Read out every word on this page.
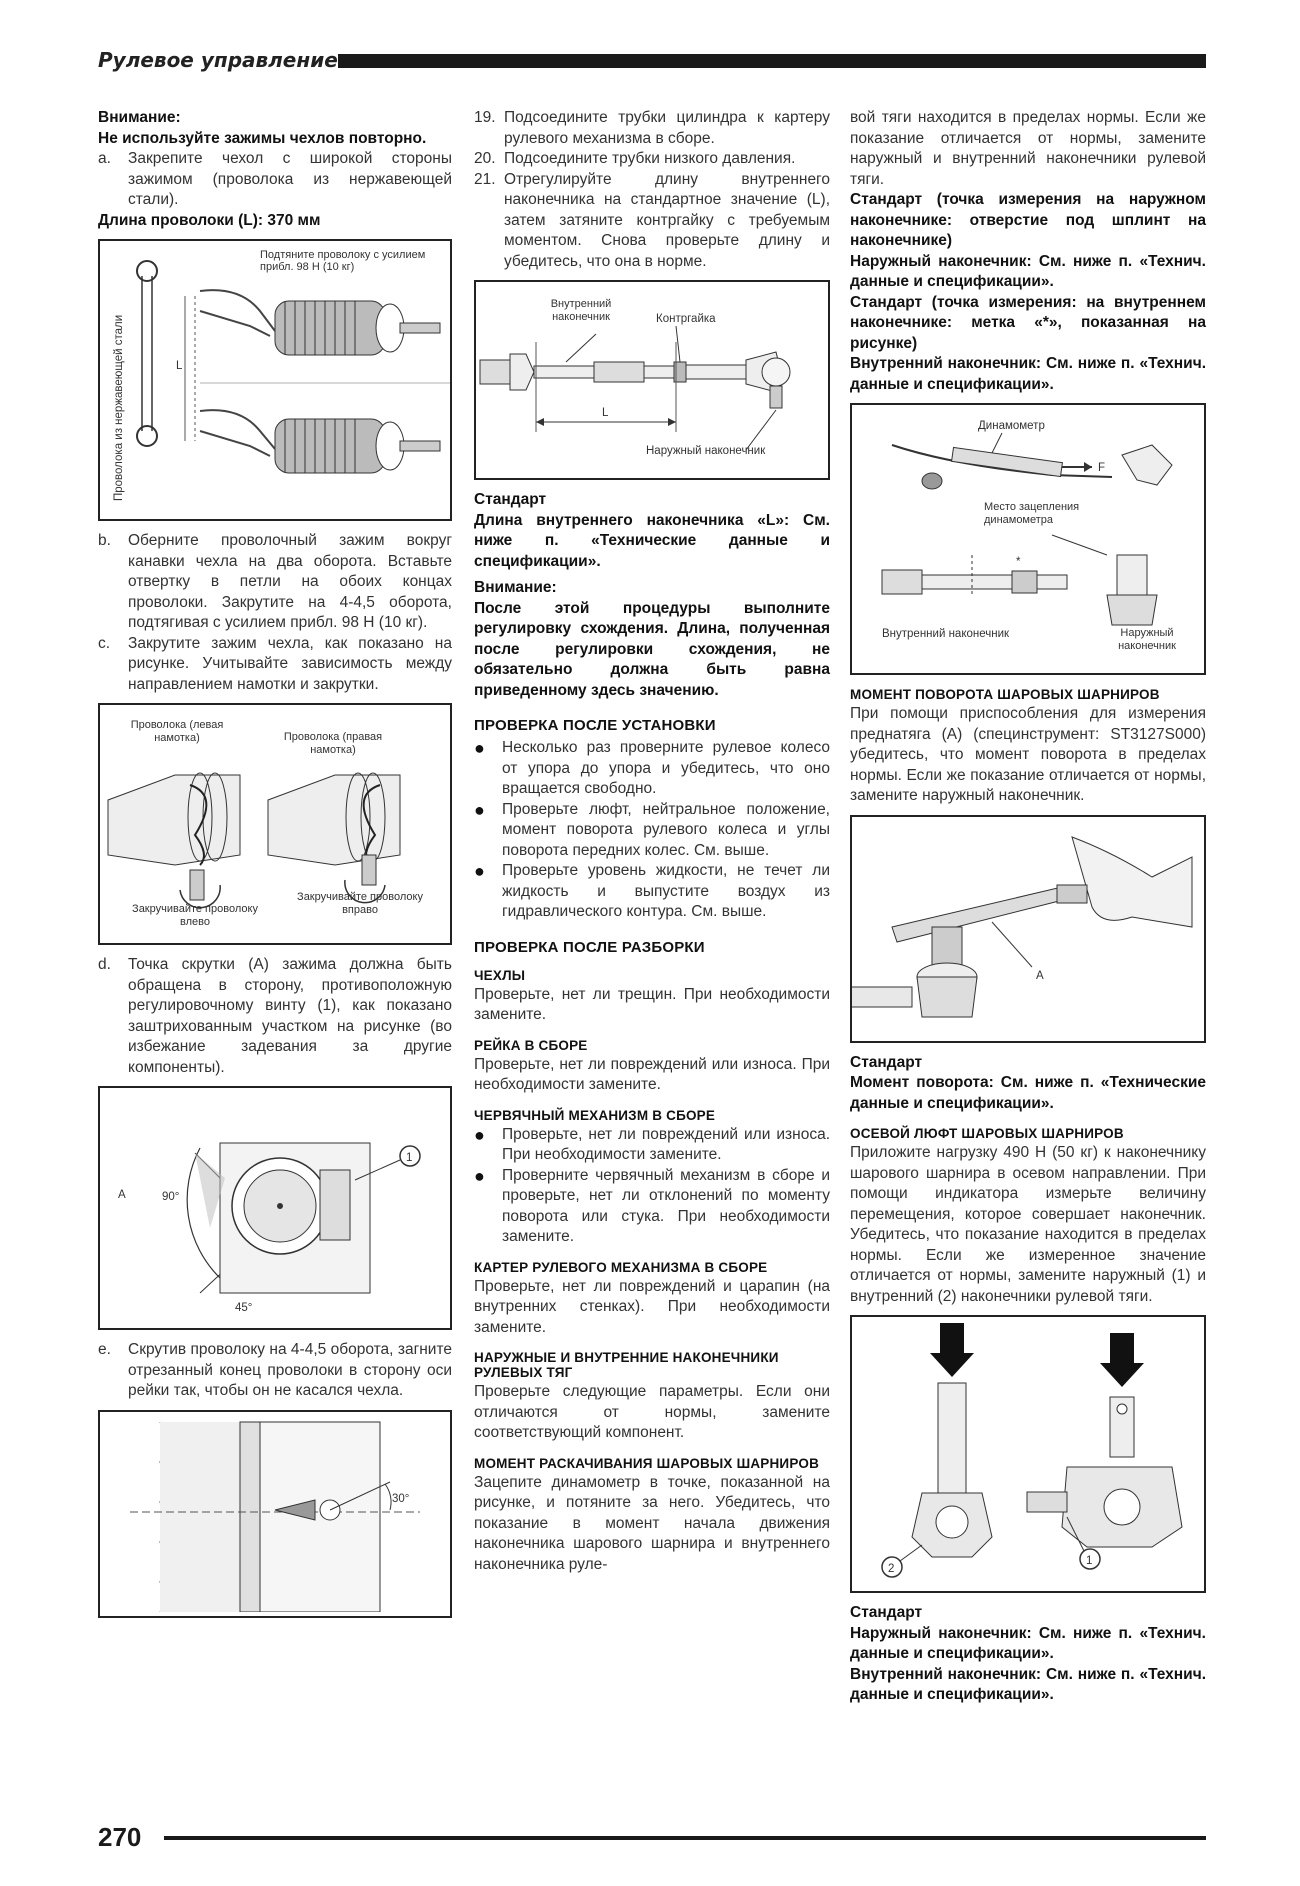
Рулевое управление

Внимание:

Не используйте зажимы чехлов повторно.

a.	Закрепите чехол с широкой стороны зажимом (проволока из нержавеющей стали).

Длина проволоки (L): 370 мм

Проволока из нержавеющей стали	L
Подтяните проволоку с усилием прибл. 98 Н (10 кг)
b.	Оберните проволочный зажим вокруг канавки чехла на два оборота. Вставьте отвертку в петли на обоих концах проволоки. Закрутите на 4-4,5 оборота, подтягивая с усилием прибл. 98 Н (10 кг).
c.	Закрутите зажим чехла, как показано на рисунке. Учитывайте зависимость между направлением намотки и закрутки.
Проволока (левая намотка)	Проволока (правая намотка)
Закручивайте проволоку влево
Закручивайте проволоку вправо
d.	Точка скрутки (A) зажима должна быть обращена в сторону, противоположную регулировочному винту (1), как показано заштрихованным участком на рисунке (во избежание задевания за другие компоненты).
1
A	90°
45°
e.	Скрутив проволоку на 4-4,5 оборота, загните отрезанный конец проволоки в сторону оси рейки так, чтобы он не касался чехла.
30°
19. Подсоедините трубки цилиндра к картеру рулевого механизма в сборе.
20. Подсоедините трубки низкого давления.
21. Отрегулируйте длину внутреннего наконечника на стандартное значение (L), затем затяните контргайку с требуемым моментом. Снова проверьте длину и убедитесь, что она в норме.
Внутренний наконечник	Контргайка
L
Наружный наконечник

Стандарт

Длина внутреннего наконечника «L»: См. ниже п. «Технические данные и спецификации».

Внимание:

После этой процедуры выполните регулировку схождения. Длина, полученная после регулировки схождения, не обязательно должна быть равна приведенному здесь значению.

ПРОВЕРКА ПОСЛЕ УСТАНОВКИ
●	Несколько раз проверните рулевое колесо от упора до упора и убедитесь, что оно вращается свободно.
●	Проверьте люфт, нейтральное положение, момент поворота рулевого колеса и углы поворота передних колес. См. выше.
●	Проверьте уровень жидкости, не течет ли жидкость и выпустите воздух из гидравлического контура. См. выше.
ПРОВЕРКА ПОСЛЕ РАЗБОРКИ
ЧЕХЛЫ

Проверьте, нет ли трещин. При необходимости замените.

РЕЙКА В СБОРЕ

Проверьте, нет ли повреждений или износа. При необходимости замените.

ЧЕРВЯЧНЫЙ МЕХАНИЗМ В СБОРЕ
●	Проверьте, нет ли повреждений или износа. При необходимости замените.
●	Проверните червячный механизм в сборе и проверьте, нет ли отклонений по моменту поворота или стука. При необходимости замените.
КАРТЕР РУЛЕВОГО МЕХАНИЗМА В СБОРЕ

Проверьте, нет ли повреждений и царапин (на внутренних стенках). При необходимости замените.

НАРУЖНЫЕ И ВНУТРЕННИЕ НАКОНЕЧНИКИ РУЛЕВЫХ ТЯГ

Проверьте следующие параметры. Если они отличаются от нормы, замените соответствующий компонент.

МОМЕНТ РАСКАЧИВАНИЯ ШАРОВЫХ ШАРНИРОВ

Зацепите динамометр в точке, показанной на рисунке, и потяните за него. Убедитесь, что показание в момент начала движения наконечника шарового шарнира и внутреннего наконечника руле-

вой тяги находится в пределах нормы. Если же показание отличается от нормы, замените наружный и внутренний наконечники рулевой тяги.

Стандарт (точка измерения на наружном наконечнике: отверстие под шплинт на наконечнике)

Наружный наконечник: См. ниже п. «Технич. данные и спецификации».

Стандарт (точка измерения: на внутреннем наконечнике: метка «*», показанная на рисунке)

Внутренний наконечник: См. ниже п. «Технич. данные и спецификации».

Динамометр
F
Место зацепления динамометра
*
Внутренний наконечник	Наружный наконечник
МОМЕНТ ПОВОРОТА ШАРОВЫХ ШАРНИРОВ

При помощи приспособления для измерения преднатяга (A) (специнструмент: ST3127S000) убедитесь, что момент поворота в пределах нормы. Если же показание отличается от нормы, замените наружный наконечник.

A

Стандарт

Момент поворота: См. ниже п. «Технические данные и спецификации».

ОСЕВОЙ ЛЮФТ ШАРОВЫХ ШАРНИРОВ

Приложите нагрузку 490 Н (50 кг) к наконечнику шарового шарнира в осевом направлении. При помощи индикатора измерьте величину перемещения, которое совершает наконечник. Убедитесь, что показание находится в пределах нормы. Если же измеренное значение отличается от нормы, замените наружный (1) и внутренний (2) наконечники рулевой тяги.

2
1

Стандарт

Наружный наконечник: См. ниже п. «Технич. данные и спецификации».

Внутренний наконечник: См. ниже п. «Технич. данные и спецификации».

270
